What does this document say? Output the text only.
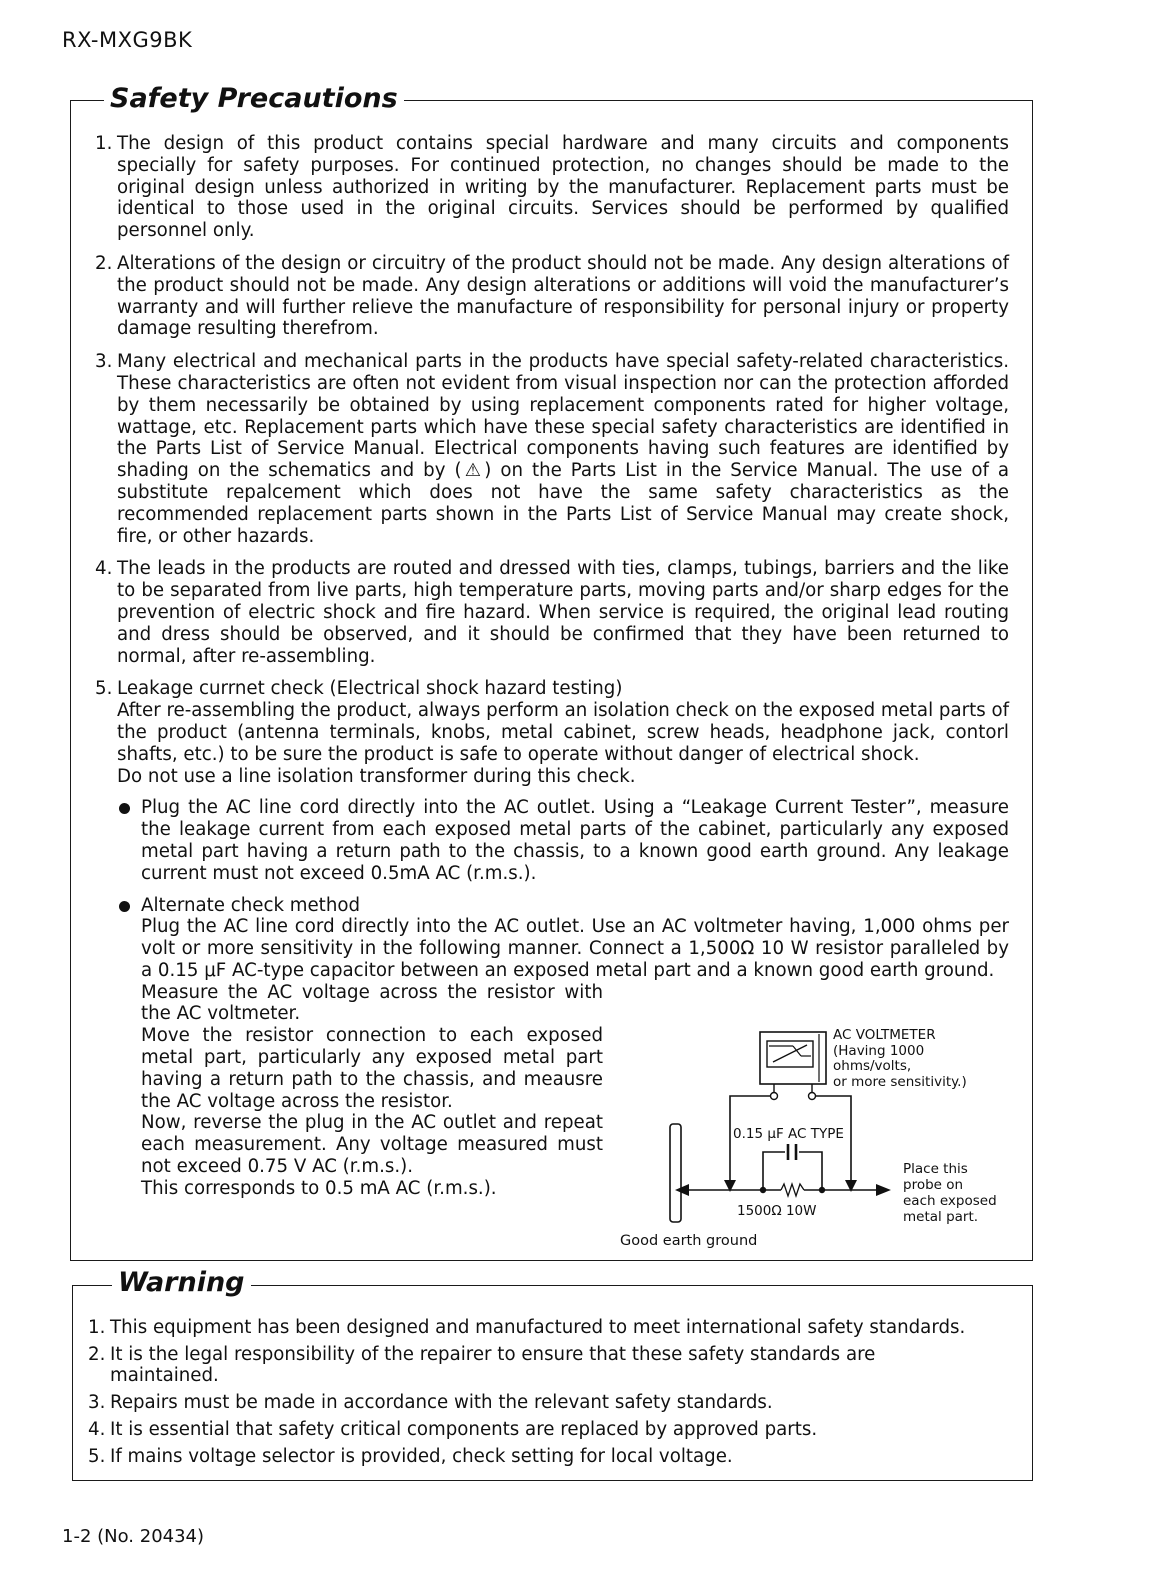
RX-MXG9BK
Safety Precautions
1. The design of this product contains special hardware and many circuits and components specially for safety purposes. For continued protection, no changes should be made to the original design unless authorized in writing by the manufacturer. Replacement parts must be identical to those used in the original circuits. Services should be performed by qualified personnel only.

2. Alterations of the design or circuitry of the product should not be made. Any design alterations of the product should not be made. Any design alterations or additions will void the manufacturer’s warranty and will further relieve the manufacture of responsibility for personal injury or property damage resulting therefrom.

3. Many electrical and mechanical parts in the products have special safety-related characteristics. These characteristics are often not evident from visual inspection nor can the protection afforded by them necessarily be obtained by using replacement components rated for higher voltage, wattage, etc. Replacement parts which have these special safety characteristics are identified in the Parts List of Service Manual. Electrical components having such features are identified by shading on the schematics and by (⚠) on the Parts List in the Service Manual. The use of a substitute repalcement which does not have the same safety characteristics as the recommended replacement parts shown in the Parts List of Service Manual may create shock, fire, or other hazards.

4. The leads in the products are routed and dressed with ties, clamps, tubings, barriers and the like to be separated from live parts, high temperature parts, moving parts and/or sharp edges for the prevention of electric shock and fire hazard. When service is required, the original lead routing and dress should be observed, and it should be confirmed that they have been returned to normal, after re-assembling.

5. Leakage currnet check (Electrical shock hazard testing)

After re-assembling the product, always perform an isolation check on the exposed metal parts of the product (antenna terminals, knobs, metal cabinet, screw heads, headphone jack, contorl shafts, etc.) to be sure the product is safe to operate without danger of electrical shock.

Do not use a line isolation transformer during this check.

Plug the AC line cord directly into the AC outlet. Using a “Leakage Current Tester”, measure the leakage current from each exposed metal parts of the cabinet, particularly any exposed metal part having a return path to the chassis, to a known good earth ground. Any leakage current must not exceed 0.5mA AC (r.m.s.).

Alternate check method

Plug the AC line cord directly into the AC outlet. Use an AC voltmeter having, 1,000 ohms per volt or more sensitivity in the following manner. Connect a 1,500Ω 10 W resistor paralleled by a 0.15 μF AC-type capacitor between an exposed metal part and a known good earth ground.

Measure the AC voltage across the resistor with the AC voltmeter.

Move the resistor connection to each exposed metal part, particularly any exposed metal part having a return path to the chassis, and meausre the AC voltage across the resistor.

Now, reverse the plug in the AC outlet and repeat each measurement. Any voltage measured must not exceed 0.75 V AC (r.m.s.).

This corresponds to 0.5 mA AC (r.m.s.).

AC VOLTMETER
(Having 1000
ohms/volts,
or more sensitivity.)
0.15 μF AC TYPE
1500Ω 10W
Place this
probe on
each exposed
metal part.
Good earth ground
Warning
1. This equipment has been designed and manufactured to meet international safety standards.
2. It is the legal responsibility of the repairer to ensure that these safety standards are maintained.
3. Repairs must be made in accordance with the relevant safety standards.
4. It is essential that safety critical components are replaced by approved parts.
5. If mains voltage selector is provided, check setting for local voltage.
1-2 (No. 20434)
